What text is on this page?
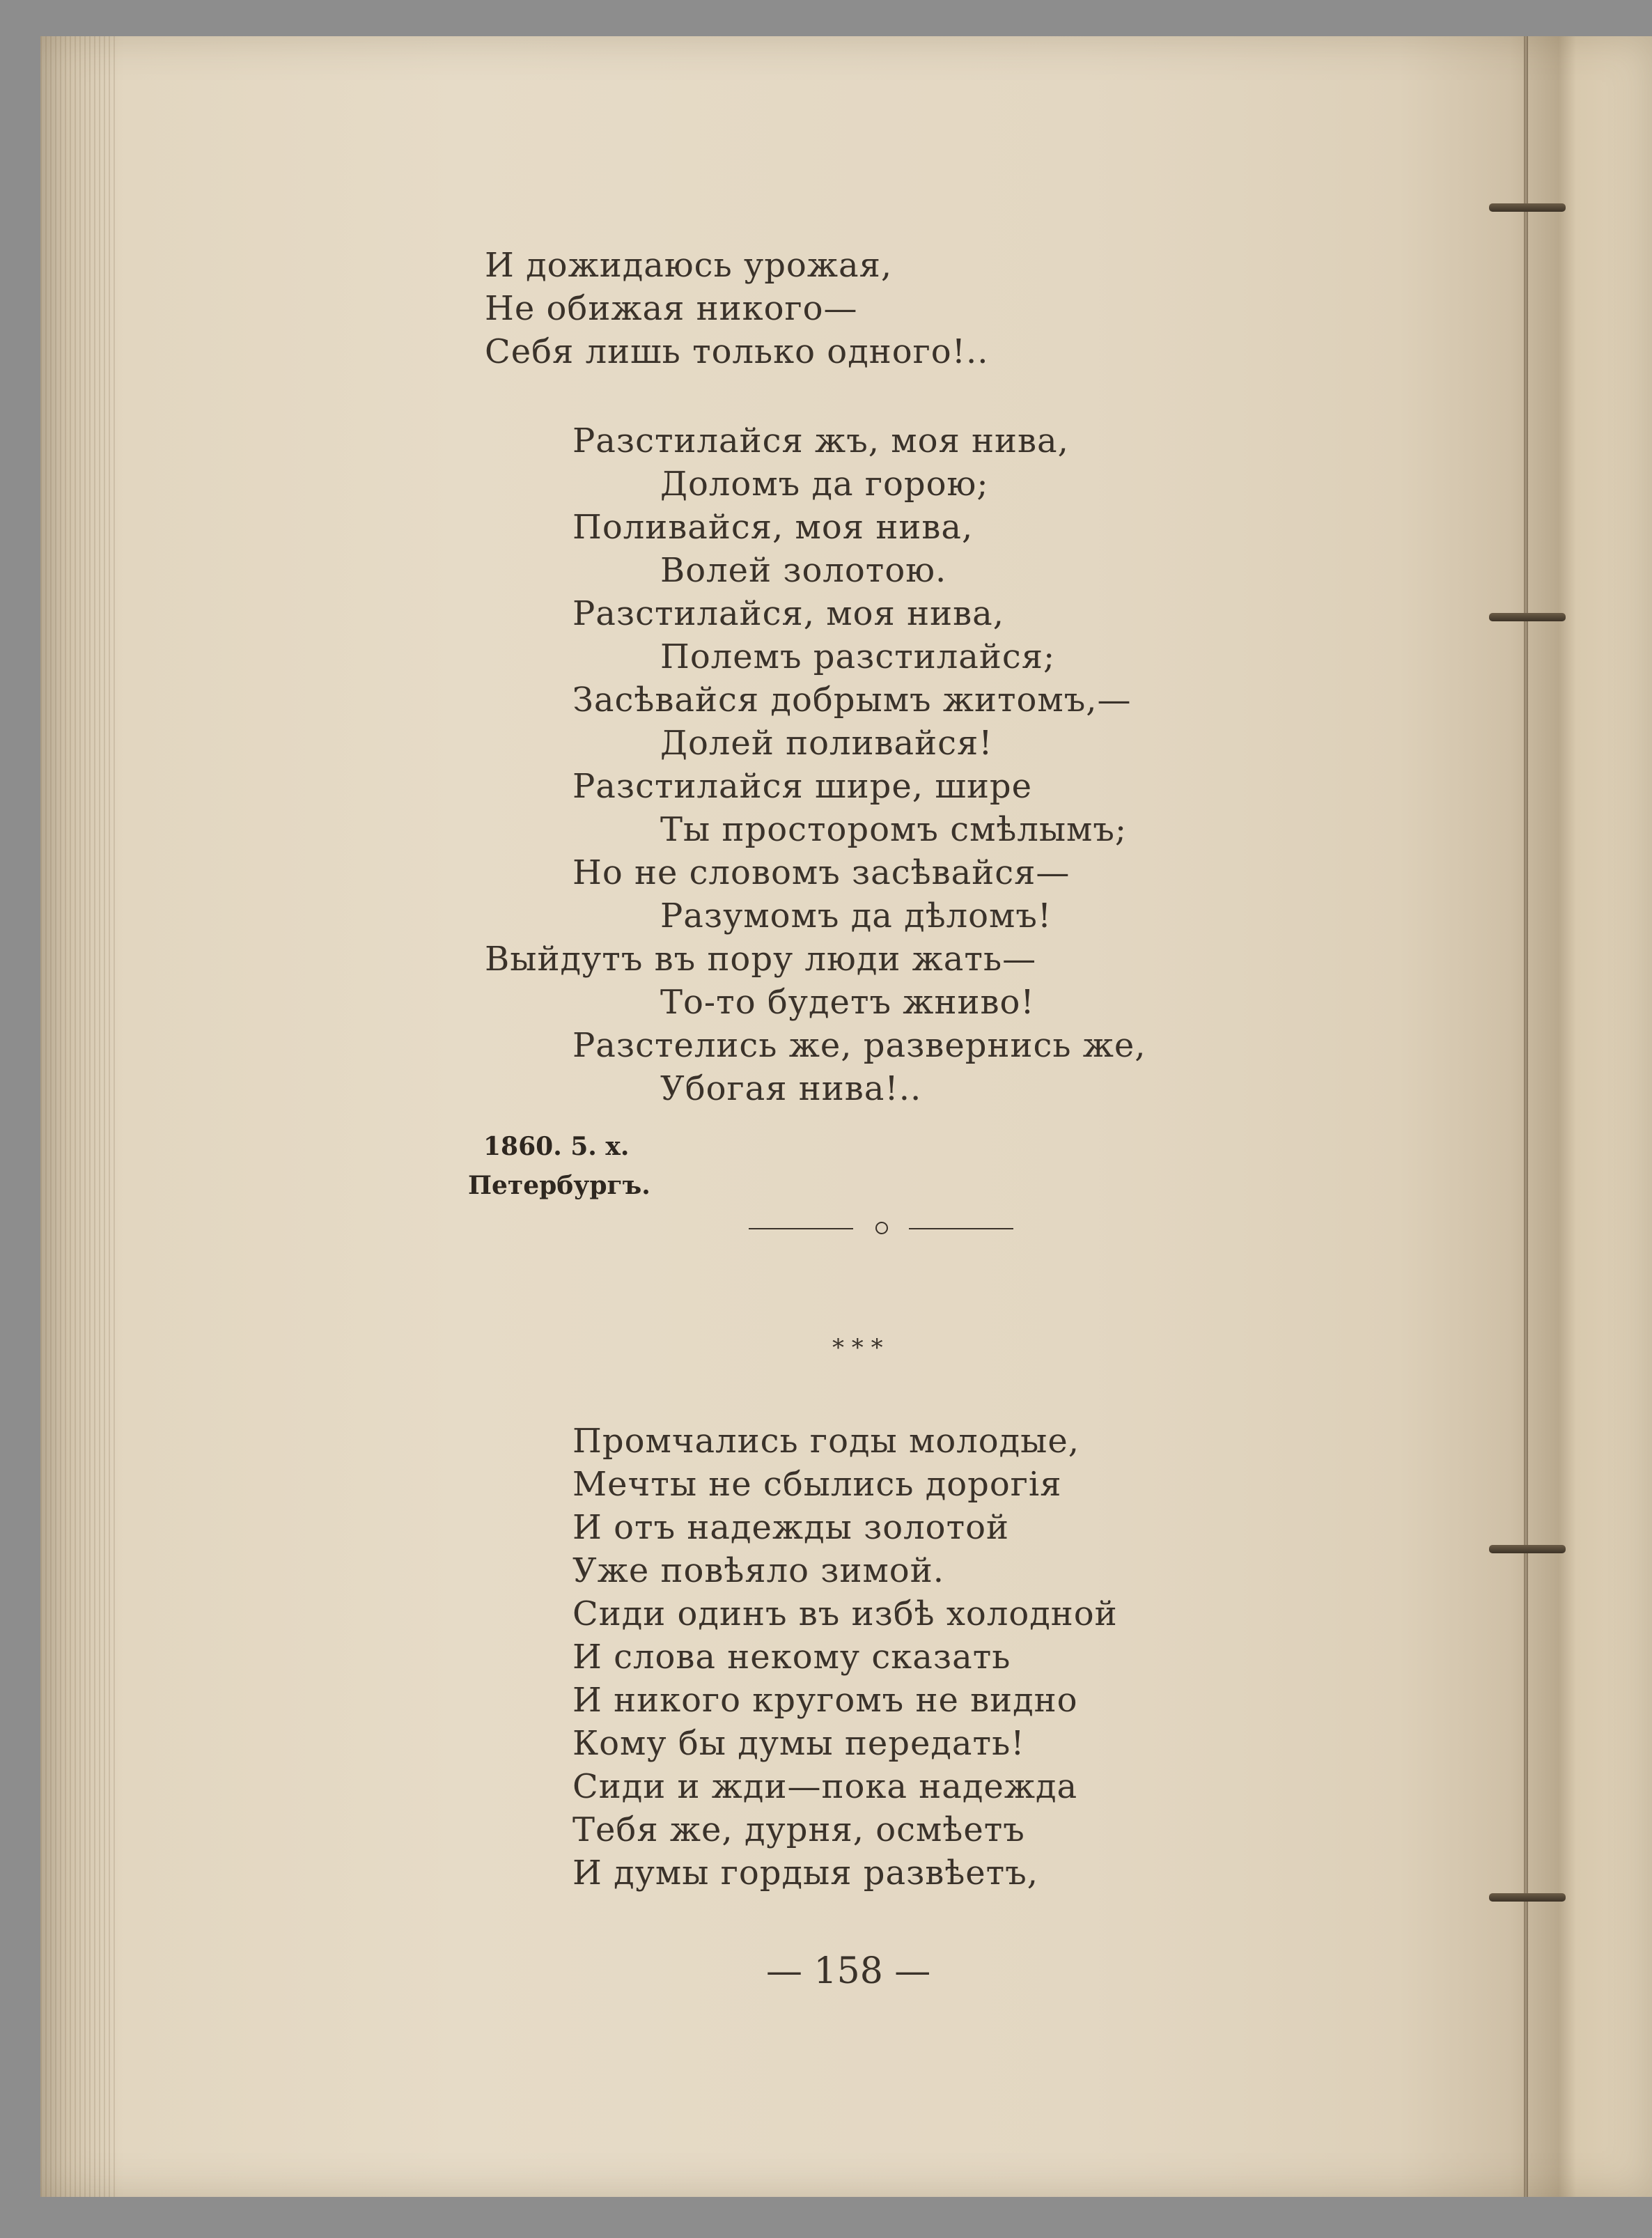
И дожидаюсь урожая,
Не обижая никого—
Себя лишь только одного!..
Разстилайся жъ, моя нива,
Доломъ да горою;
Поливайся, моя нива,
Волей золотою.
Разстилайся, моя нива,
Полемъ разстилайся;
Засѣвайся добрымъ житомъ,—
Долей поливайся!
Разстилайся шире, шире
Ты просторомъ смѣлымъ;
Но не словомъ засѣвайся—
Разумомъ да дѣломъ!
Выйдутъ въ пору люди жать—
То-то будетъ жниво!
Разстелись же, развернись же,
Убогая нива!..
1860. 5. х.
Петербургъ.
* * *
Промчались годы молодые,
Мечты не сбылись дорогія
И отъ надежды золотой
Уже повѣяло зимой.
Сиди одинъ въ избѣ холодной
И слова некому сказать
И никого кругомъ не видно
Кому бы думы передать!
Сиди и жди—пока надежда
Тебя же, дурня, осмѣетъ
И думы гордыя развѣетъ,
— 158 —
